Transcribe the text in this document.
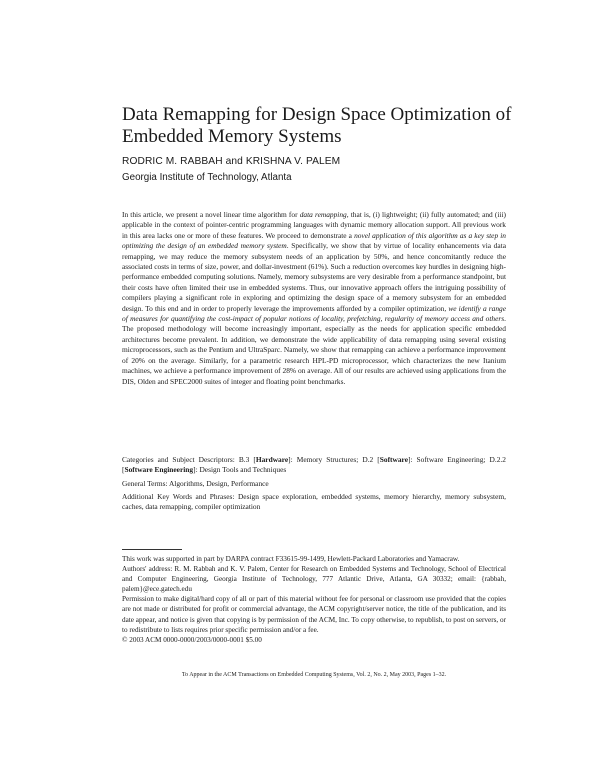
Data Remapping for Design Space Optimization of Embedded Memory Systems
RODRIC M. RABBAH and KRISHNA V. PALEM
Georgia Institute of Technology, Atlanta

In this article, we present a novel linear time algorithm for data remapping, that is, (i) lightweight; (ii) fully automated; and (iii) applicable in the context of pointer-centric programming languages with dynamic memory allocation support. All previous work in this area lacks one or more of these features. We proceed to demonstrate a novel application of this algorithm as a key step in optimizing the design of an embedded memory system. Specifically, we show that by virtue of locality enhancements via data remapping, we may reduce the memory subsystem needs of an application by 50%, and hence concomitantly reduce the associated costs in terms of size, power, and dollar-investment (61%). Such a reduction overcomes key hurdles in designing high-performance embedded computing solutions. Namely, memory subsystems are very desirable from a performance standpoint, but their costs have often limited their use in embedded systems. Thus, our innovative approach offers the intriguing possibility of compilers playing a significant role in exploring and optimizing the design space of a memory subsystem for an embedded design. To this end and in order to properly leverage the improvements afforded by a compiler optimization, we identify a range of measures for quantifying the cost-impact of popular notions of locality, prefetching, regularity of memory access and others. The proposed methodology will become increasingly important, especially as the needs for application specific embedded architectures become prevalent. In addition, we demonstrate the wide applicability of data remapping using several existing microprocessors, such as the Pentium and UltraSparc. Namely, we show that remapping can achieve a performance improvement of 20% on the average. Similarly, for a parametric research HPL-PD microprocessor, which characterizes the new Itanium machines, we achieve a performance improvement of 28% on average. All of our results are achieved using applications from the DIS, Olden and SPEC2000 suites of integer and floating point benchmarks.

Categories and Subject Descriptors: B.3 [Hardware]: Memory Structures; D.2 [Software]: Software Engineering; D.2.2 [Software Engineering]: Design Tools and Techniques

General Terms: Algorithms, Design, Performance

Additional Key Words and Phrases: Design space exploration, embedded systems, memory hierarchy, memory subsystem, caches, data remapping, compiler optimization

This work was supported in part by DARPA contract F33615-99-1499, Hewlett-Packard Laboratories and Yamacraw.

Authors' address: R. M. Rabbah and K. V. Palem, Center for Research on Embedded Systems and Technology, School of Electrical and Computer Engineering, Georgia Institute of Technology, 777 Atlantic Drive, Atlanta, GA 30332; email: {rabbah, palem}@ece.gatech.edu

Permission to make digital/hard copy of all or part of this material without fee for personal or classroom use provided that the copies are not made or distributed for profit or commercial advantage, the ACM copyright/server notice, the title of the publication, and its date appear, and notice is given that copying is by permission of the ACM, Inc. To copy otherwise, to republish, to post on servers, or to redistribute to lists requires prior specific permission and/or a fee.

© 2003 ACM 0000-0000/2003/0000-0001 $5.00

To Appear in the ACM Transactions on Embedded Computing Systems, Vol. 2, No. 2, May 2003, Pages 1–32.
